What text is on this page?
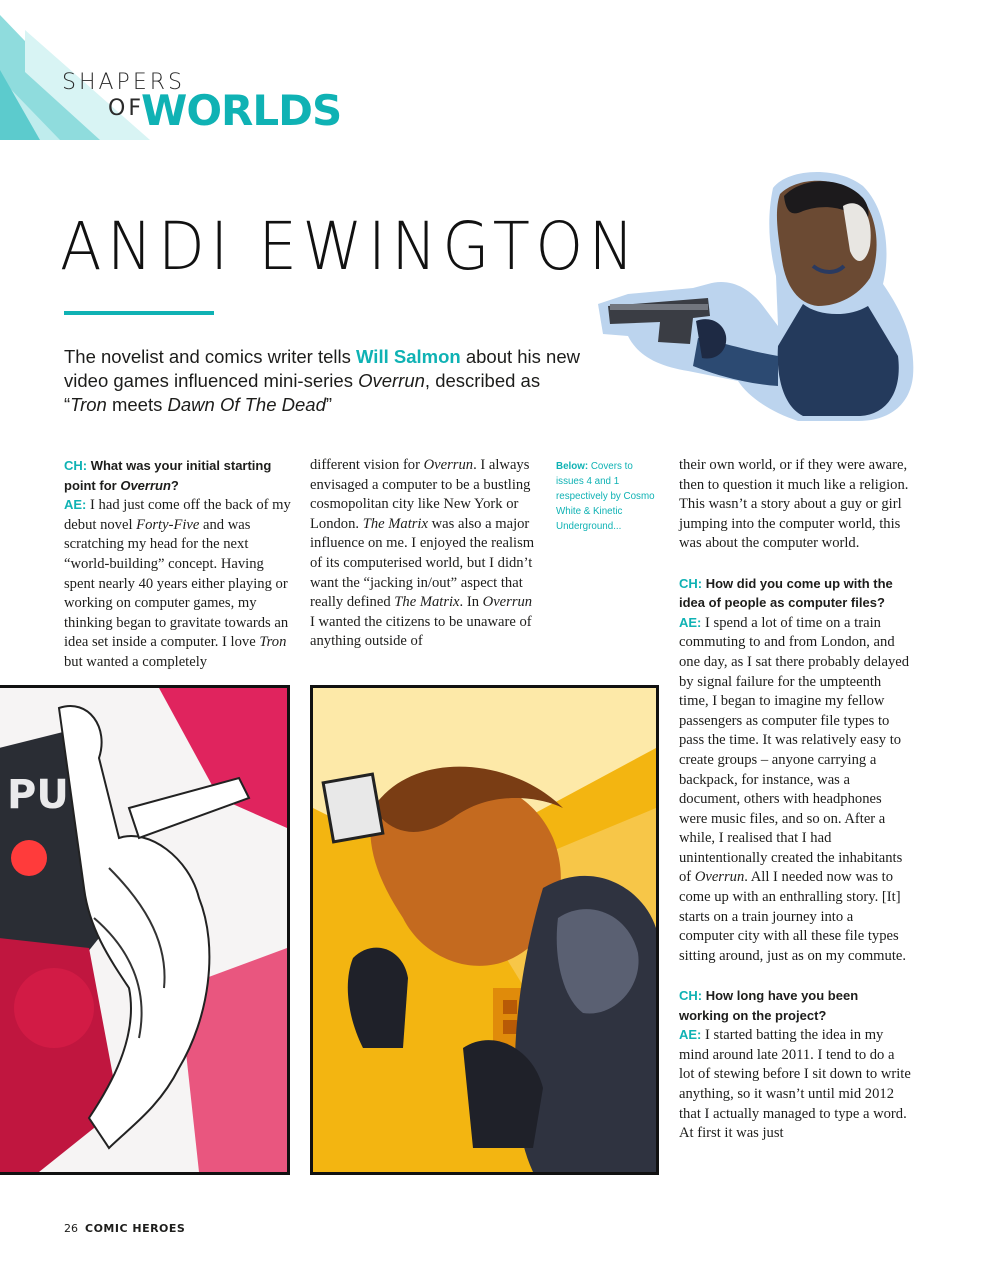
SHAPERS
OF
WORLDS
ANDI EWINGTON
The novelist and comics writer tells Will Salmon about his new video games influenced mini-series Overrun, described as “Tron meets Dawn Of The Dead”

CH: What was your initial starting point for Overrun?

AE: I had just come off the back of my debut novel Forty-Five and was scratching my head for the next “world-building” concept. Having spent nearly 40 years either playing or working on computer games, my thinking began to gravitate towards an idea set inside a computer. I love Tron but wanted a completely

different vision for Overrun. I always envisaged a computer to be a bustling cosmopolitan city like New York or London. The Matrix was also a major influence on me. I enjoyed the realism of its computerised world, but I didn’t want the “jacking in/out” aspect that really defined The Matrix. In Overrun I wanted the citizens to be unaware of anything outside of

Below: Covers to issues 4 and 1 respectively by Cosmo White & Kinetic Underground...

their own world, or if they were aware, then to question it much like a religion. This wasn’t a story about a guy or girl jumping into the computer world, this was about the computer world.

CH: How did you come up with the idea of people as computer files?

AE: I spend a lot of time on a train commuting to and from London, and one day, as I sat there probably delayed by signal failure for the umpteenth time, I began to imagine my fellow passengers as computer file types to pass the time. It was relatively easy to create groups – anyone carrying a backpack, for instance, was a document, others with headphones were music files, and so on. After a while, I realised that I had unintentionally created the inhabitants of Overrun. All I needed now was to come up with an enthralling story. [It] starts on a train journey into a computer city with all these file types sitting around, just as on my commute.

CH: How long have you been working on the project?

AE: I started batting the idea in my mind around late 2011. I tend to do a lot of stewing before I sit down to write anything, so it wasn’t until mid 2012 that I actually managed to type a word. At first it was just

PU
26 COMIC HEROES
